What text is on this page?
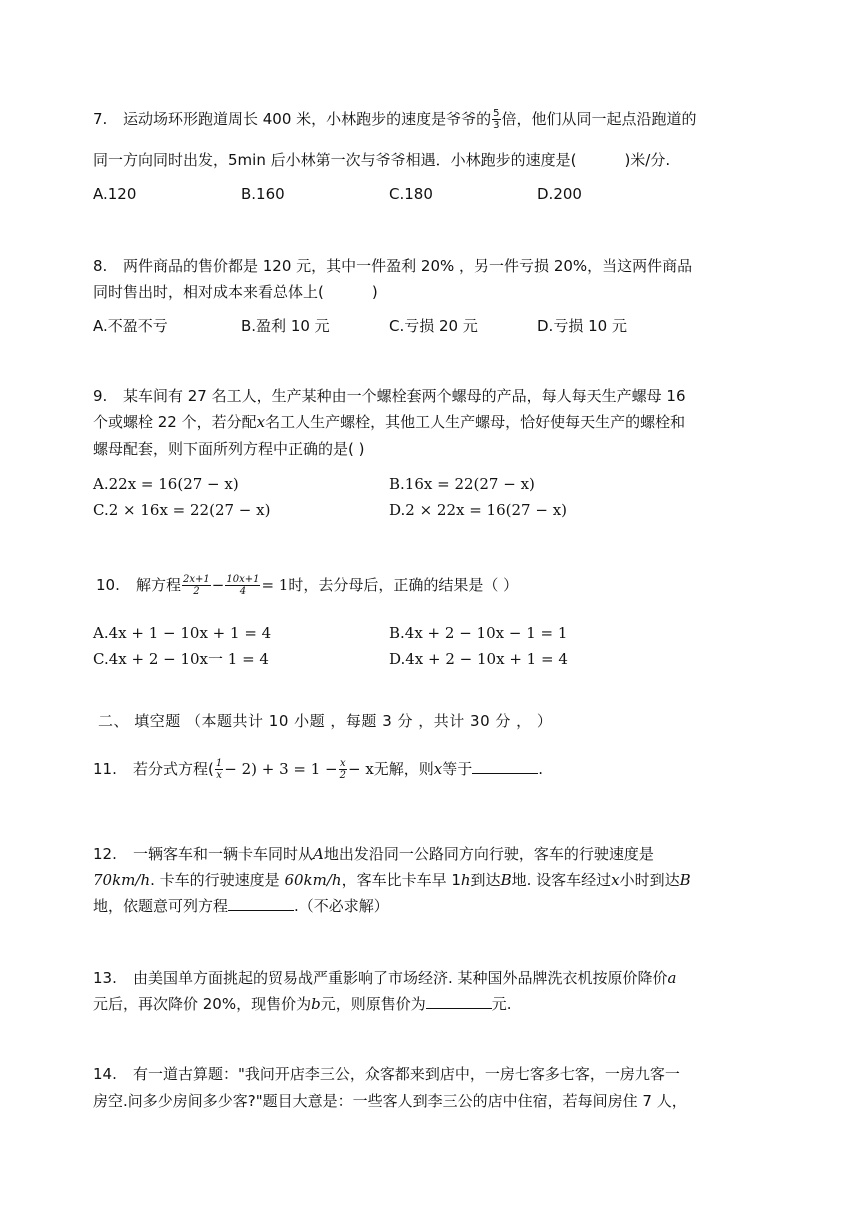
7. 运动场环形跑道周长 400 米，小林跑步的速度是爷爷的 $\frac{5}{3}$ 倍，他们从同一起点沿跑道的
同一方向同时出发，5min 后小林第一次与爷爷相遇．小林跑步的速度是(	)米/分.
A.120	B.160	C.180	D.200
8. 两件商品的售价都是 120 元，其中一件盈利 20% ，另一件亏损 20%，当这两件商品
同时售出时，相对成本来看总体上(	)
A.不盈不亏	B.盈利 10 元	C.亏损 20 元	D.亏损 10 元
9. 某车间有 27 名工人，生产某种由一个螺栓套两个螺母的产品，每人每天生产螺母 16
个或螺栓 22 个，若分配x名工人生产螺栓，其他工人生产螺母，恰好使每天生产的螺栓和
螺母配套，则下面所列方程中正确的是( )
A.22x = 16(27 − x)	B.16x = 22(27 − x)
C.2 × 16x = 22(27 − x)	D.2 × 22x = 16(27 − x)
10. 解方程 $\frac{2x+1}{2} - \frac{10x+1}{4} = 1$时，去分母后，正确的结果是（ ）
A.4x + 1 − 10x + 1 = 4	B.4x + 2 − 10x − 1 = 1
C.4x + 2 − 10x一 1 = 4	D.4x + 2 − 10x + 1 = 4
二、 填空题 （本题共计 10 小题 ，每题 3 分 ，共计 30 分 ， ）
11. 若分式方程( $\frac{1}{x} - 2) + 3 = 1 - \frac{x}{2} - x$无解，则x等于	.
12. 一辆客车和一辆卡车同时从A地出发沿同一公路同方向行驶，客车的行驶速度是
70km/h. 卡车的行驶速度是 60km/h，客车比卡车早 1h到达B地. 设客车经过x小时到达B
地，依题意可列方程	.（不必求解）
13. 由美国单方面挑起的贸易战严重影响了市场经济. 某种国外品牌洗衣机按原价降价a
元后，再次降价 20%，现售价为b元，则原售价为	元.
14. 有一道古算题："我问开店李三公，众客都来到店中，一房七客多七客，一房九客一
房空.问多少房间多少客?"题目大意是：一些客人到李三公的店中住宿，若每间房住 7 人，
